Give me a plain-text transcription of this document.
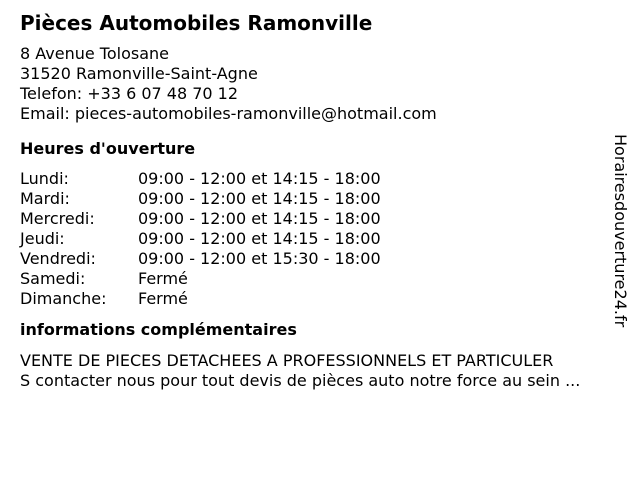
Pièces Automobiles Ramonville
8 Avenue Tolosane
31520 Ramonville-Saint-Agne
Telefon: +33 6 07 48 70 12
Email: pieces-automobiles-ramonville@hotmail.com
Heures d'ouverture
Lundi:	09:00 - 12:00 et 14:15 - 18:00
Mardi:	09:00 - 12:00 et 14:15 - 18:00
Mercredi:	09:00 - 12:00 et 14:15 - 18:00
Jeudi:	09:00 - 12:00 et 14:15 - 18:00
Vendredi:	09:00 - 12:00 et 15:30 - 18:00
Samedi:	Fermé
Dimanche:	Fermé
informations complémentaires
VENTE DE PIECES DETACHEES A PROFESSIONNELS ET PARTICULER
S contacter nous pour tout devis de pièces auto notre force au sein ...
Horairesdouverture24.fr
